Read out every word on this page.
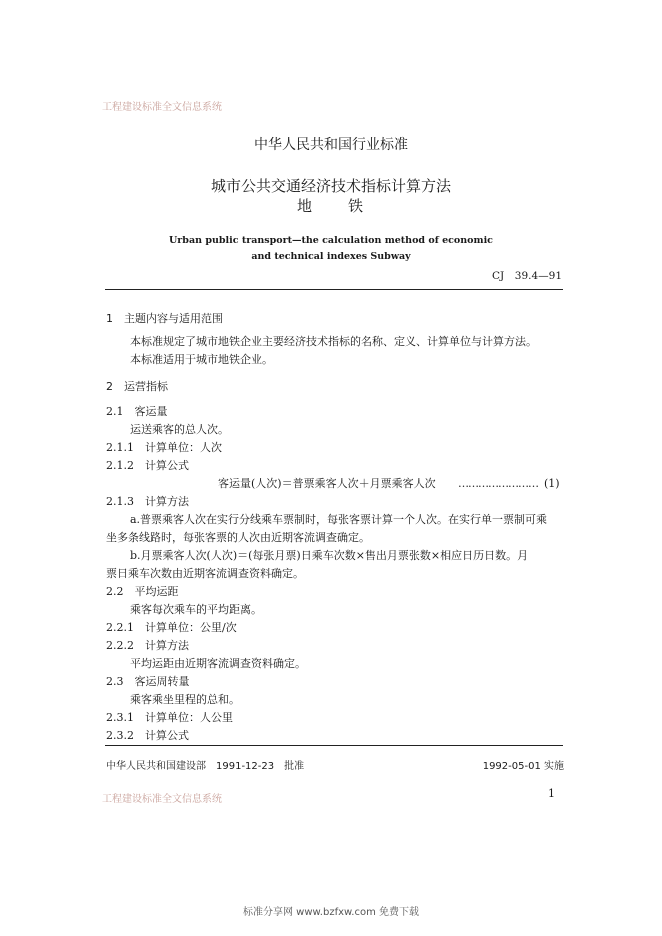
工程建设标准全文信息系统
中华人民共和国行业标准
城市公共交通经济技术指标计算方法
地　　铁
Urban public transport—the calculation method of economic
and technical indexes Subway
CJ　39.4—91
1　主题内容与适用范围
本标准规定了城市地铁企业主要经济技术指标的名称、定义、计算单位与计算方法。
本标准适用于城市地铁企业。
2　运营指标
2.1　客运量
运送乘客的总人次。
2.1.1　计算单位：人次
2.1.2　计算公式
客运量(人次)＝普票乘客人次＋月票乘客人次 …………………… (1)
2.1.3　计算方法
a.普票乘客人次在实行分线乘车票制时，每张客票计算一个人次。在实行单一票制可乘
坐多条线路时，每张客票的人次由近期客流调查确定。
b.月票乘客人次(人次)＝(每张月票)日乘车次数×售出月票张数×相应日历日数。月
票日乘车次数由近期客流调查资料确定。
2.2　平均运距
乘客每次乘车的平均距离。
2.2.1　计算单位：公里/次
2.2.2　计算方法
平均运距由近期客流调查资料确定。
2.3　客运周转量
乘客乘坐里程的总和。
2.3.1　计算单位：人公里
2.3.2　计算公式
中华人民共和国建设部　1991-12-23　批准	1992-05-01 实施
工程建设标准全文信息系统	1
标准分享网 www.bzfxw.com 免费下载
